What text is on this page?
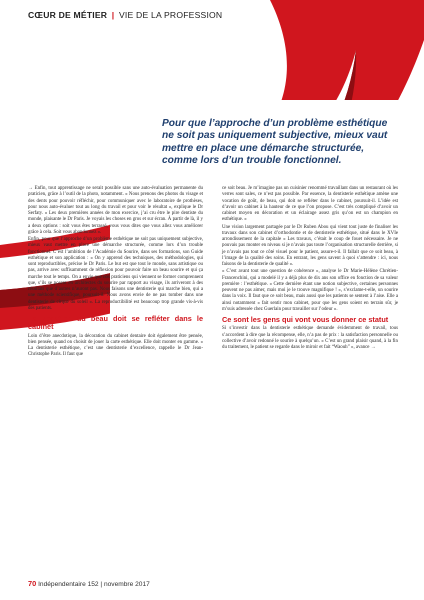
CŒUR DE MÉTIER | VIE DE LA PROFESSION
Pour que l’approche d’un problème esthétique ne soit pas uniquement subjective, mieux vaut mettre en place une démarche structurée, comme lors d’un trouble fonctionnel.

→ Enfin, tout apprentissage ne serait possible sans une auto-évaluation permanente du praticien, grâce à l’outil de la photo, notamment. « Nous prenons des photos du visage et des dents pour pouvoir réfléchir, pour communiquer avec le laboratoire de prothèses, pour nous auto-évaluer tout au long du travail et pour voir le résultat », explique le Dr Serfaty. « Les deux premières années de mon exercice, j’ai cru être le pire dentiste du monde, plaisante le Dr Paris. Je voyais les choses en gros et sur écran. À partir de là, il y a deux options : soit vous êtes terrassé, vous vous dites que vous allez vous améliorer grâce à cela. Soit vous abandonnez ».

Enfin, pour que l’approche d’un problème esthétique ne soit pas uniquement subjective, mieux vaut mettre en place une démarche structurée, comme lors d’un trouble fonctionnel. C’est l’ambition de l’Académie du Sourire, dans ses formations, son Guide esthétique et son application : « On y apprend des techniques, des méthodologies, qui sont reproductibles, précise le Dr Paris. Le but est que tout le monde, sans artistique ou pas, arrive avec suffisamment de réflexion pour pouvoir faire un beau sourire et qui ça marche tout le temps. On a envie que nos praticiens qui viennent se former comprennent que, s’ils se posent en architectes du sourire par rapport au visage, ils arriveront à des résultats que d’autres n’auront pas. Nous faisons une dentisterie qui marche bien, qui a une méthode scientifique, poursuit-il. Nous avons envie de ne pas tomber dans une dentisterie de cirque du soleil ». La reproductibilité est beaucoup trop grande vis-à-vis des patients.

La vocation du beau doit se refléter dans le cabinet

Loin d’être anecdotique, la décoration du cabinet dentaire doit également être pensée, bien pensée, quand on choisit de jouer la carte esthétique. Elle doit monter en gamme. « La dentisterie esthétique, c’est une dentisterie d’excellence, rappelle le Dr Jean-Christophe Paris. Il faut que

ce soit beau. Je m’imagine pas un cuisinier renommé travaillant dans un restaurant où les verres sont sales, ce n’est pas possible. Par essence, la dentisterie esthétique amène une vocation de goût, de beau, qui doit se refléter dans le cabinet, poursuit-il. L’idée est d’avoir un cabinet à la hauteur de ce que l’on propose. C’est très compliqué d’avoir un cabinet moyen en décoration et un éclairage assez gris qu’on est un champion en esthétique. »

Une vision largement partagée par le Dr Ruben Abou qui vient tout juste de finaliser les travaux dans son cabinet d’orthodontie et de dentisterie esthétique, situé dans le XVIe arrondissement de la capitale « Les travaux, c’était le coup de fouet nécessaire. Je ne pouvais pas monter en niveau si je n’avais pas toute l’organisation structurelle derrière, si je n’avais pas tout ce côté visuel pour le patient, assure-t-il. Il fallait que ce soit beau, à l’image de la qualité des soins. En entrant, les gens savent à quoi s’attendre : ici, nous faisons de la dentisterie de qualité ».

« C’est avant tout une question de cohérence », analyse le Dr Marie-Hélène Chrétien-Francenchini, qui a modelé il y a déjà plus de dix ans son office en fonction de sa valeur première : l’esthétique. « Cette dernière étant une notion subjective, certaines personnes peuvent ne pas aimer, mais moi je le trouve magnifique ! », s’exclame-t-elle, un sourire dans la voix. Il faut que ce soit beau, mais aussi que les patients se sentent à l’aise. Elle a ainsi notamment « fait sentir mon cabinet, pour que les gens soient en terrain sûr, je m’suis adressée chez Guerlain pour travailler sur l’odeur ».

Ce sont les gens qui vont vous donner ce statut

Si s’investir dans la dentisterie esthétique demande évidemment de travail, tous s’accordent à dire que la récompense, elle, n’a pas de prix : la satisfaction personnelle ou collective d’avoir redonné le sourire à quelqu’un. « C’est un grand plaisir quand, à la fin du traitement, le patient se regarde dans le miroir et fait “Waouh” », avance →

70 Indépendentaire 152 | novembre 2017
